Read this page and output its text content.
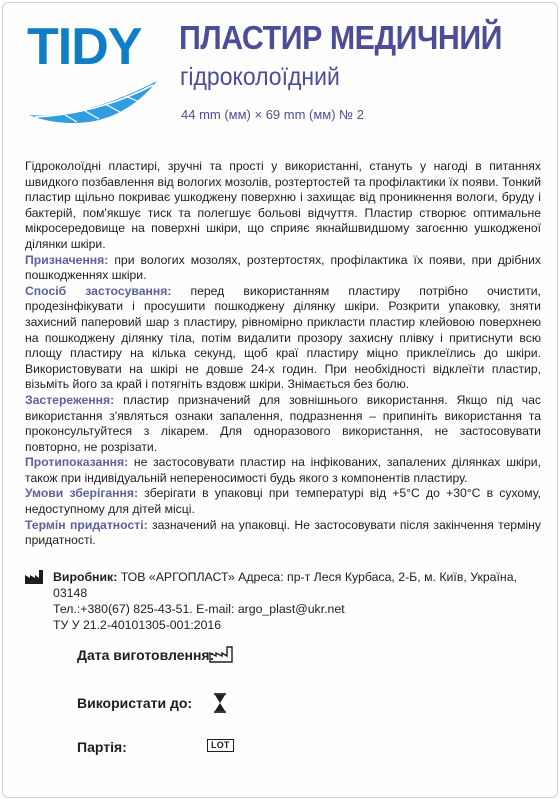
TIDY ПЛАСТИР МЕДИЧНИЙ
гідроколоїдний
44 mm (мм) × 69 mm (мм) № 2

Гідроколоїдні пластирі, зручні та прості у використанні, стануть у нагоді в питаннях швидкого позбавлення від вологих мозолів, розтертостей та профілактики їх появи. Тонкий пластир щільно покриває ушкоджену поверхню і захищає від проникнення вологи, бруду і бактерій, пом'якшує тиск та полегшує больові відчуття. Пластир створює оптимальне мікросередовище на поверхні шкіри, що сприяє якнайшвидшому загоєнню ушкодженої ділянки шкіри.

Призначення: при вологих мозолях, розтертостях, профілактика їх появи, при дрібних пошкодженнях шкіри.

Спосіб застосування: перед використанням пластиру потрібно очистити, продезінфікувати і просушити пошкоджену ділянку шкіри. Розкрити упаковку, зняти захисний паперовий шар з пластиру, рівномірно прикласти пластир клейовою поверхнею на пошкоджену ділянку тіла, потім видалити прозору захисну плівку і притиснути всю площу пластиру на кілька секунд, щоб краї пластиру міцно приклеїлись до шкіри. Використовувати на шкірі не довше 24-х годин. При необхідності відклеїти пластир, візьміть його за край і потягніть вздовж шкіри. Знімається без болю.

Застереження: пластир призначений для зовнішнього використання. Якщо під час використання з'являться ознаки запалення, подразнення – припиніть використання та проконсультуйтеся з лікарем. Для одноразового використання, не застосовувати повторно, не розрізати.

Протипоказання: не застосовувати пластир на інфікованих, запалених ділянках шкіри, також при індивідуальній непереносимості будь якого з компонентів пластиру.

Умови зберігання: зберігати в упаковці при температурі від +5°С до +30°С в сухому, недоступному для дітей місці.

Термін придатності: зазначений на упаковці. Не застосовувати після закінчення терміну придатності.

Виробник: ТОВ «АРГОПЛАСТ» Адреса: пр-т Леся Курбаса, 2-Б, м. Київ, Україна, 03148
Тел.:+380(67) 825-43-51. E-mail: argo_plast@ukr.net
ТУ У 21.2-40101305-001:2016
Дата виготовлення:
Використати до:
Партія:	LOT
